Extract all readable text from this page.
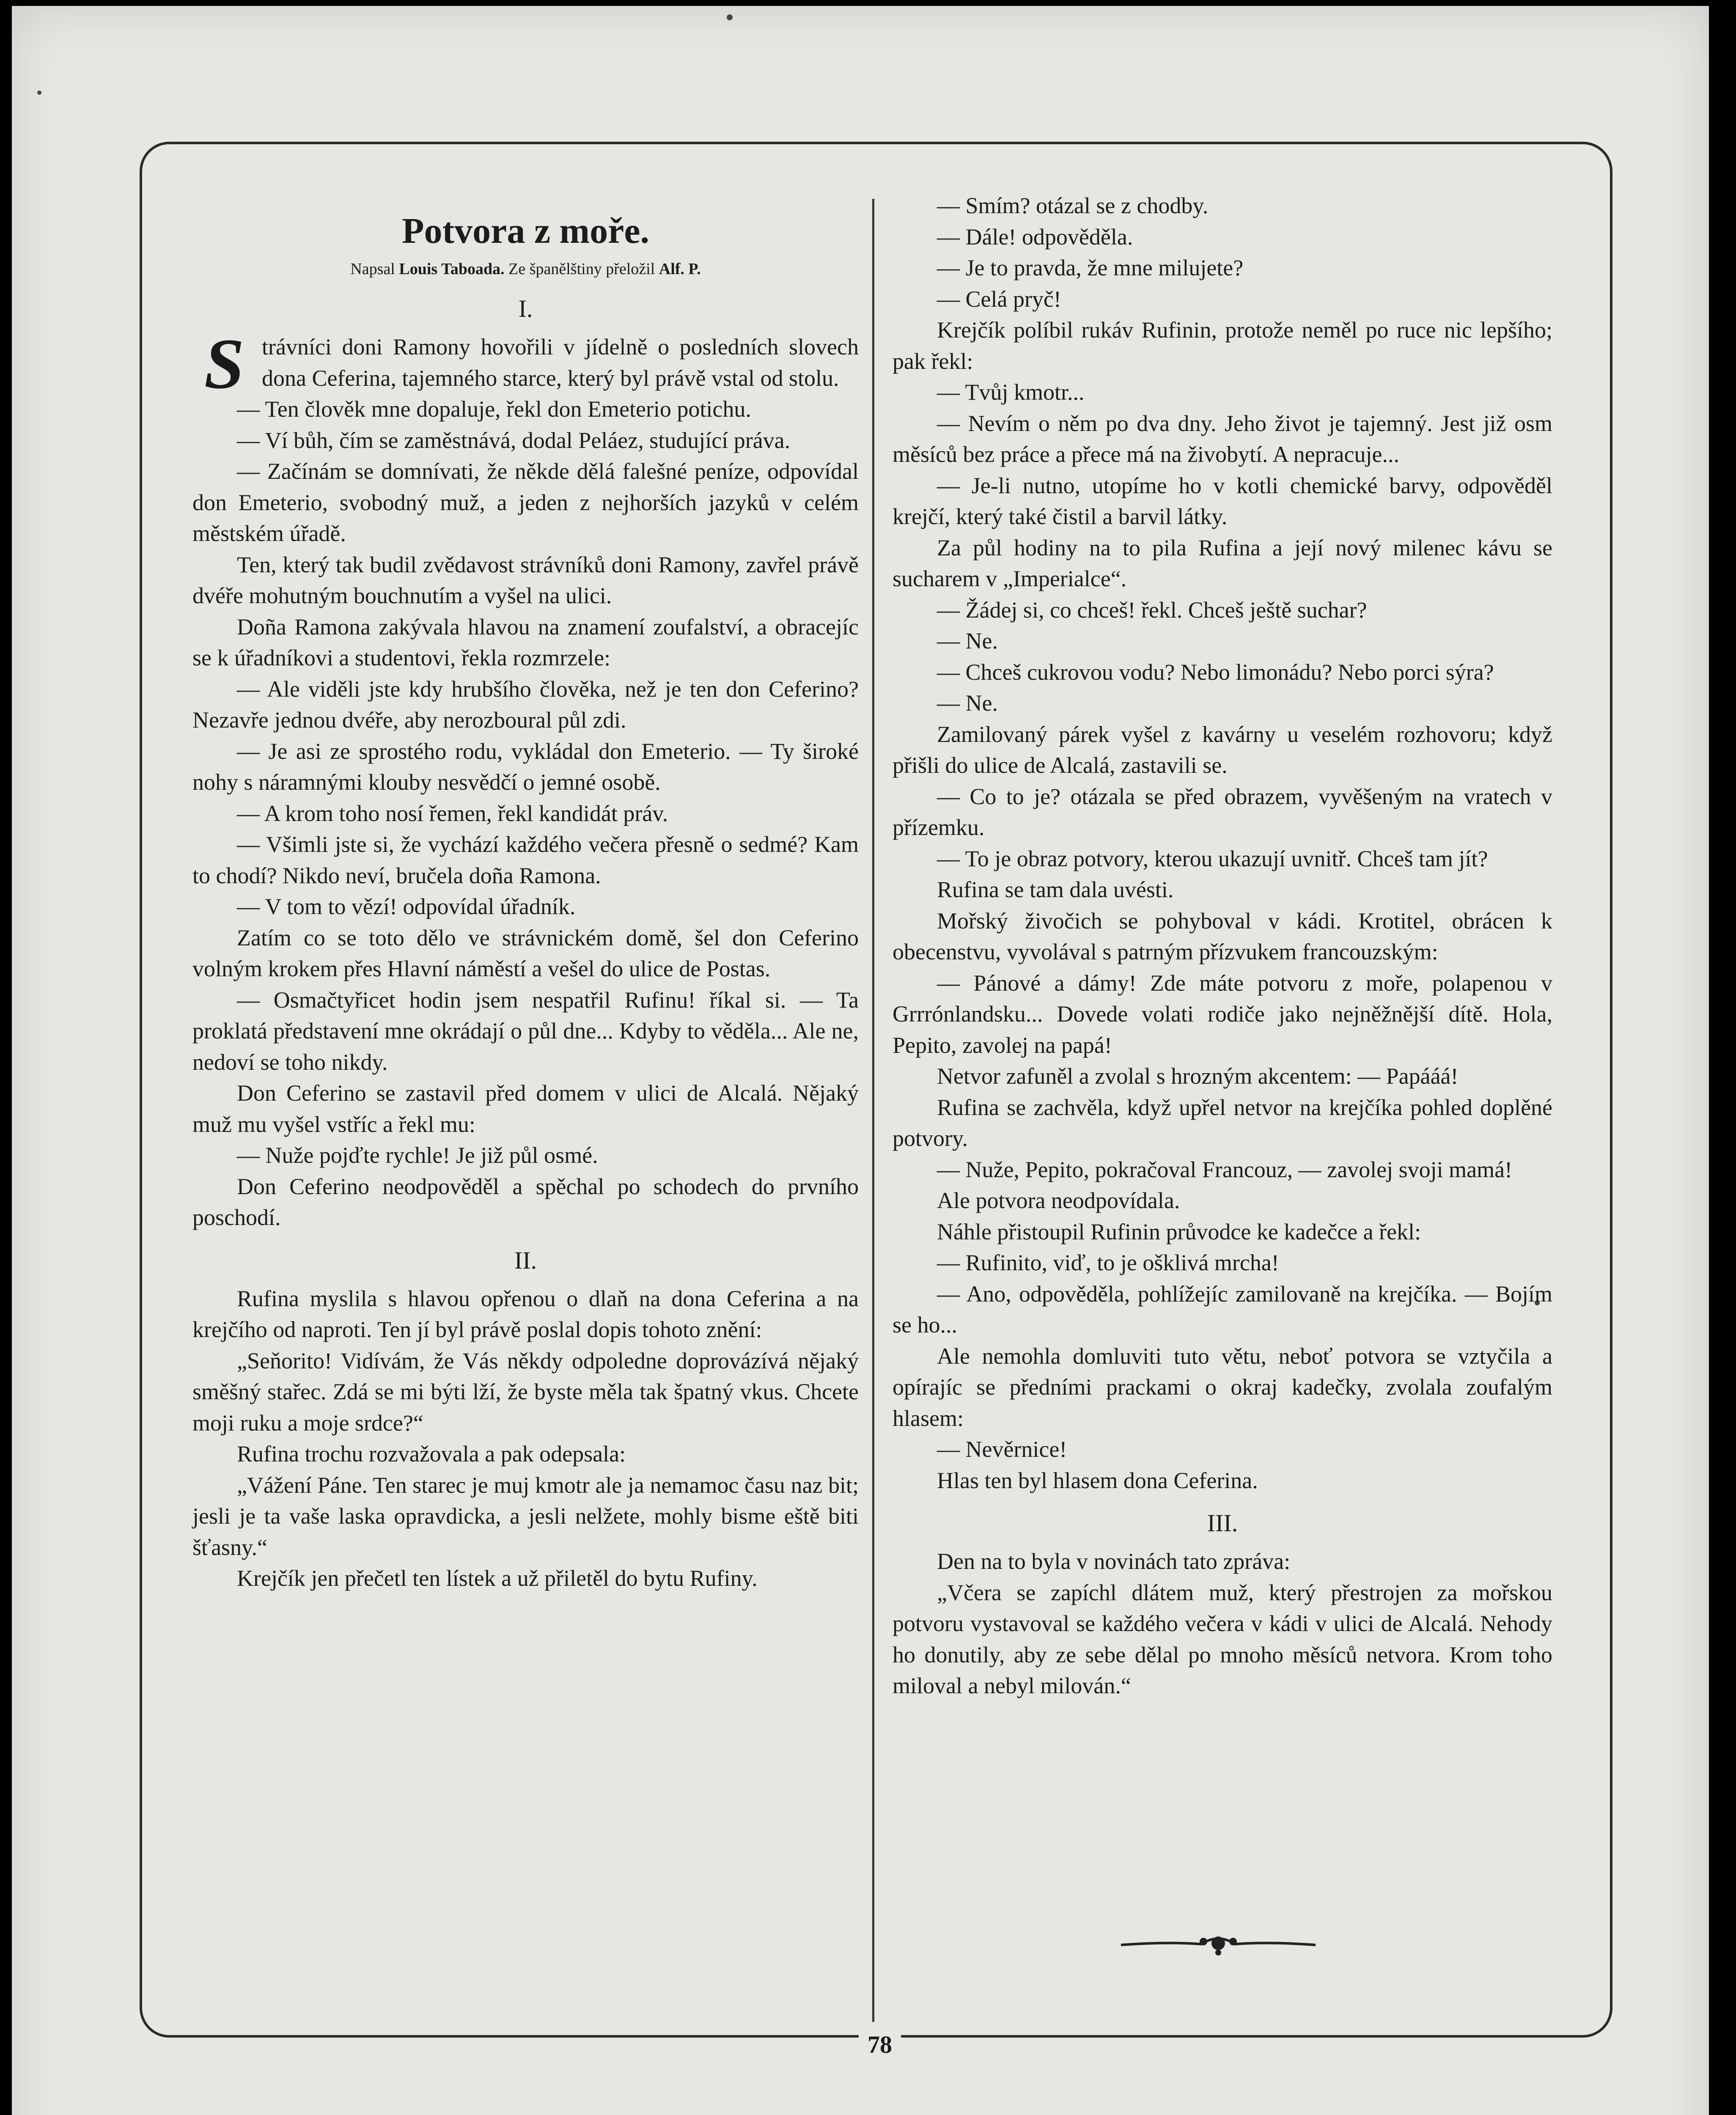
Potvora z moře.
Napsal Louis Taboada. Ze španělštiny přeložil Alf. P.
I.
S trávníci doni Ramony hovořili v jídelně o posledních slovech dona Ceferina, tajemného starce, který byl právě vstal od stolu.

— Ten člověk mne dopaluje, řekl don Emeterio potichu.

— Ví bůh, čím se zaměstnává, dodal Peláez, studující práva.

— Začínám se domnívati, že někde dělá falešné peníze, odpovídal don Emeterio, svobodný muž, a jeden z nejhorších jazyků v celém městském úřadě.

Ten, který tak budil zvědavost strávníků doni Ramony, zavřel právě dvéře mohutným bouchnutím a vyšel na ulici.

Doña Ramona zakývala hlavou na znamení zoufalství, a obracejíc se k úřadníkovi a studentovi, řekla rozmrzele:

— Ale viděli jste kdy hrubšího člověka, než je ten don Ceferino? Nezavře jednou dvéře, aby nerozboural půl zdi.

— Je asi ze sprostého rodu, vykládal don Emeterio. — Ty široké nohy s náramnými klouby nesvědčí o jemné osobě.

— A krom toho nosí řemen, řekl kandidát práv.

— Všimli jste si, že vychází každého večera přesně o sedmé? Kam to chodí? Nikdo neví, bručela doña Ramona.

— V tom to vězí! odpovídal úřadník.

Zatím co se toto dělo ve strávnickém domě, šel don Ceferino volným krokem přes Hlavní náměstí a vešel do ulice de Postas.

— Osmačtyřicet hodin jsem nespatřil Rufinu! říkal si. — Ta proklatá představení mne okrádají o půl dne... Kdyby to věděla... Ale ne, nedoví se toho nikdy.

Don Ceferino se zastavil před domem v ulici de Alcalá. Nějaký muž mu vyšel vstříc a řekl mu:

— Nuže pojďte rychle! Je již půl osmé.

Don Ceferino neodpověděl a spěchal po schodech do prvního poschodí.

II.

Rufina myslila s hlavou opřenou o dlaň na dona Ceferina a na krejčího od naproti. Ten jí byl právě poslal dopis tohoto znění:

„Seňorito! Vidívám, že Vás někdy odpoledne doprovázívá nějaký směšný stařec. Zdá se mi býti lží, že byste měla tak špatný vkus. Chcete moji ruku a moje srdce?“

Rufina trochu rozvažovala a pak odepsala:

„Vážení Páne. Ten starec je muj kmotr ale ja nemamoc času naz bit; jesli je ta vaše laska opravdicka, a jesli nelžete, mohly bisme eště biti šťasny.“

Krejčík jen přečetl ten lístek a už přiletěl do bytu Rufiny.

— Smím? otázal se z chodby.

— Dále! odpověděla.

— Je to pravda, že mne milujete?

— Celá pryč!

Krejčík políbil rukáv Rufinin, protože neměl po ruce nic lepšího; pak řekl:

— Tvůj kmotr...

— Nevím o něm po dva dny. Jeho život je tajemný. Jest již osm měsíců bez práce a přece má na živobytí. A nepracuje...

— Je-li nutno, utopíme ho v kotli chemické barvy, odpověděl krejčí, který také čistil a barvil látky.

Za půl hodiny na to pila Rufina a její nový milenec kávu se sucharem v „Imperialce“.

— Žádej si, co chceš! řekl. Chceš ještě suchar?

— Ne.

— Chceš cukrovou vodu? Nebo limonádu? Nebo porci sýra?

— Ne.

Zamilovaný párek vyšel z kavárny u veselém rozhovoru; když přišli do ulice de Alcalá, zastavili se.

— Co to je? otázala se před obrazem, vyvěšeným na vratech v přízemku.

— To je obraz potvory, kterou ukazují uvnitř. Chceš tam jít?

Rufina se tam dala uvésti.

Mořský živočich se pohyboval v kádi. Krotitel, obrácen k obecenstvu, vyvolával s patrným přízvukem francouzským:

— Pánové a dámy! Zde máte potvoru z moře, polapenou v Grrrónlandsku... Dovede volati rodiče jako nejněžnější dítě. Hola, Pepito, zavolej na papá!

Netvor zafuněl a zvolal s hrozným akcentem: — Papááá!

Rufina se zachvěla, když upřel netvor na krejčíka pohled doplěné potvory.

— Nuže, Pepito, pokračoval Francouz, — zavolej svoji mamá!

Ale potvora neodpovídala.

Náhle přistoupil Rufinin průvodce ke kadečce a řekl:

— Rufinito, viď, to je ošklivá mrcha!

— Ano, odpověděla, pohlížejíc zamilovaně na krejčíka. — Bojím se ho...

Ale nemohla domluviti tuto větu, neboť potvora se vztyčila a opírajíc se předními prackami o okraj kadečky, zvolala zoufalým hlasem:

— Nevěrnice!

Hlas ten byl hlasem dona Ceferina.

III.

Den na to byla v novinách tato zpráva:

„Včera se zapíchl dlátem muž, který přestrojen za mořskou potvoru vystavoval se každého večera v kádi v ulici de Alcalá. Nehody ho donutily, aby ze sebe dělal po mnoho měsíců netvora. Krom toho miloval a nebyl milován.“

78
